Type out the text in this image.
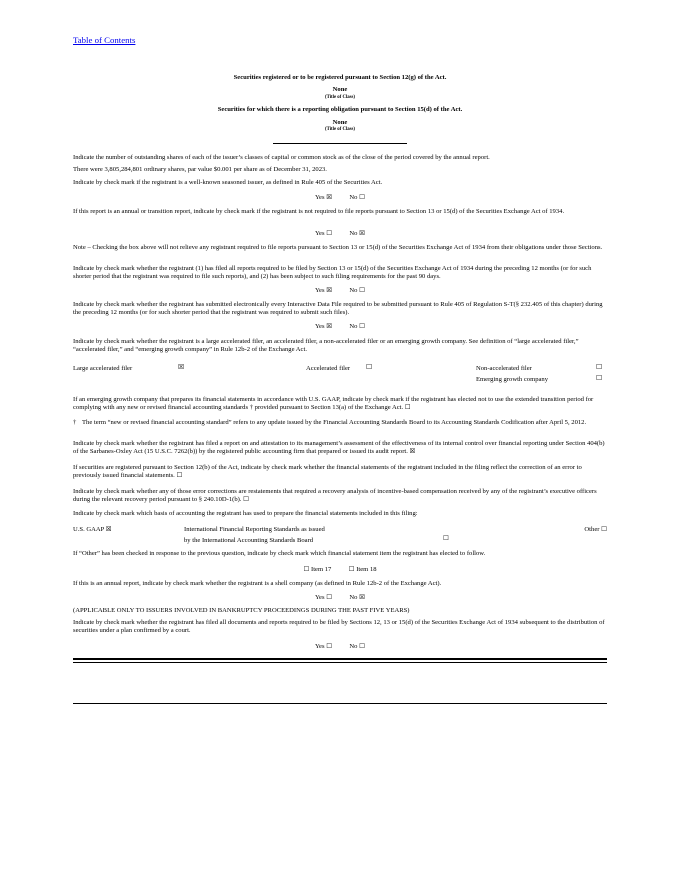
Table of Contents
Securities registered or to be registered pursuant to Section 12(g) of the Act.
None
(Title of Class)
Securities for which there is a reporting obligation pursuant to Section 15(d) of the Act.
None
(Title of Class)

Indicate the number of outstanding shares of each of the issuer’s classes of capital or common stock as of the close of the period covered by the annual report.

There were 3,805,284,801 ordinary shares, par value $0.001 per share as of December 31, 2023.

Indicate by check mark if the registrant is a well-known seasoned issuer, as defined in Rule 405 of the Securities Act.

Yes ☒	No ☐

If this report is an annual or transition report, indicate by check mark if the registrant is not required to file reports pursuant to Section 13 or 15(d) of the Securities Exchange Act of 1934.

Yes ☐	No ☒

Note – Checking the box above will not relieve any registrant required to file reports pursuant to Section 13 or 15(d) of the Securities Exchange Act of 1934 from their obligations under those Sections.

Indicate by check mark whether the registrant (1) has filed all reports required to be filed by Section 13 or 15(d) of the Securities Exchange Act of 1934 during the preceding 12 months (or for such shorter period that the registrant was required to file such reports), and (2) has been subject to such filing requirements for the past 90 days.

Yes ☒	No ☐

Indicate by check mark whether the registrant has submitted electronically every Interactive Data File required to be submitted pursuant to Rule 405 of Regulation S-T(§ 232.405 of this chapter) during the preceding 12 months (or for such shorter period that the registrant was required to submit such files).

Yes ☒	No ☐

Indicate by check mark whether the registrant is a large accelerated filer, an accelerated filer, a non-accelerated filer or an emerging growth company. See definition of “large accelerated filer,” “accelerated filer,” and “emerging growth company” in Rule 12b-2 of the Exchange Act.

Large accelerated filer	☒	Accelerated filer ☐	Non-accelerated filer	☐
Emerging growth company	☐

If an emerging growth company that prepares its financial statements in accordance with U.S. GAAP, indicate by check mark if the registrant has elected not to use the extended transition period for complying with any new or revised financial accounting standards † provided pursuant to Section 13(a) of the Exchange Act. ☐

† The term “new or revised financial accounting standard” refers to any update issued by the Financial Accounting Standards Board to its Accounting Standards Codification after April 5, 2012.

Indicate by check mark whether the registrant has filed a report on and attestation to its management’s assessment of the effectiveness of its internal control over financial reporting under Section 404(b) of the Sarbanes-Oxley Act (15 U.S.C. 7262(b)) by the registered public accounting firm that prepared or issued its audit report. ☒

If securities are registered pursuant to Section 12(b) of the Act, indicate by check mark whether the financial statements of the registrant included in the filing reflect the correction of an error to previously issued financial statements. ☐

Indicate by check mark whether any of those error corrections are restatements that required a recovery analysis of incentive-based compensation received by any of the registrant’s executive officers during the relevant recovery period pursuant to § 240.10D-1(b). ☐

Indicate by check mark which basis of accounting the registrant has used to prepare the financial statements included in this filing:

U.S. GAAP ☒	International Financial Reporting Standards as issued
by the International Accounting Standards Board	☐
Other ☐

If “Other” has been checked in response to the previous question, indicate by check mark which financial statement item the registrant has elected to follow.

☐ Item 17	☐ Item 18

If this is an annual report, indicate by check mark whether the registrant is a shell company (as defined in Rule 12b-2 of the Exchange Act).

Yes ☐	No ☒

(APPLICABLE ONLY TO ISSUERS INVOLVED IN BANKRUPTCY PROCEEDINGS DURING THE PAST FIVE YEARS)

Indicate by check mark whether the registrant has filed all documents and reports required to be filed by Sections 12, 13 or 15(d) of the Securities Exchange Act of 1934 subsequent to the distribution of securities under a plan confirmed by a court.

Yes ☐	No ☐
